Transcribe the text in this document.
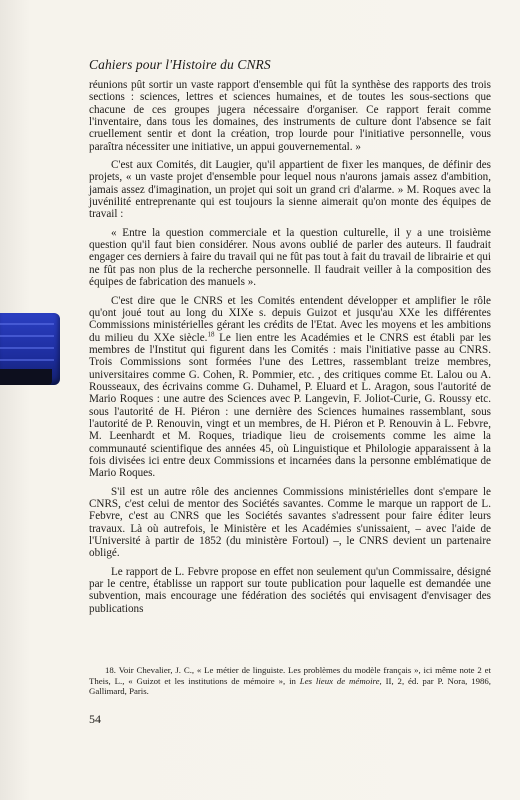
Cahiers pour l'Histoire du CNRS

réunions pût sortir un vaste rapport d'ensemble qui fût la synthèse des rapports des trois sections : sciences, lettres et sciences humaines, et de toutes les sous-sections que chacune de ces groupes jugera nécessaire d'organiser. Ce rapport ferait comme l'inventaire, dans tous les domaines, des instruments de culture dont l'absence se fait cruellement sentir et dont la création, trop lourde pour l'initiative personnelle, vous paraîtra nécessiter une initiative, un appui gouvernemental. »

C'est aux Comités, dit Laugier, qu'il appartient de fixer les manques, de définir des projets, « un vaste projet d'ensemble pour lequel nous n'aurons jamais assez d'ambition, jamais assez d'imagination, un projet qui soit un grand cri d'alarme. » M. Roques avec la juvénilité entreprenante qui est toujours la sienne aimerait qu'on monte des équipes de travail :

« Entre la question commerciale et la question culturelle, il y a une troisième question qu'il faut bien considérer. Nous avons oublié de parler des auteurs. Il faudrait engager ces derniers à faire du travail qui ne fût pas tout à fait du travail de librairie et qui ne fût pas non plus de la recherche personnelle. Il faudrait veiller à la composition des équipes de fabrication des manuels ».

C'est dire que le CNRS et les Comités entendent développer et amplifier le rôle qu'ont joué tout au long du XIXe s. depuis Guizot et jusqu'au XXe les différentes Commissions ministérielles gérant les crédits de l'Etat. Avec les moyens et les ambitions du milieu du XXe siècle.$^{18}$ Le lien entre les Académies et le CNRS est établi par les membres de l'Institut qui figurent dans les Comités : mais l'initiative passe au CNRS. Trois Commissions sont formées l'une des Lettres, rassemblant treize membres, universitaires comme G. Cohen, R. Pommier, etc. , des critiques comme Et. Lalou ou A. Rousseaux, des écrivains comme G. Duhamel, P. Eluard et L. Aragon, sous l'autorité de Mario Roques : une autre des Sciences avec P. Langevin, F. Joliot-Curie, G. Roussy etc. sous l'autorité de H. Piéron : une dernière des Sciences humaines rassemblant, sous l'autorité de P. Renouvin, vingt et un membres, de H. Piéron et P. Renouvin à L. Febvre, M. Leenhardt et M. Roques, triadique lieu de croisements comme les aime la communauté scientifique des années 45, où Linguistique et Philologie apparaissent à la fois divisées ici entre deux Commissions et incarnées dans la personne emblématique de Mario Roques.

S'il est un autre rôle des anciennes Commissions ministérielles dont s'empare le CNRS, c'est celui de mentor des Sociétés savantes. Comme le marque un rapport de L. Febvre, c'est au CNRS que les Sociétés savantes s'adressent pour faire éditer leurs travaux. Là où autrefois, le Ministère et les Académies s'unissaient, – avec l'aide de l'Université à partir de 1852 (du ministère Fortoul) –, le CNRS devient un partenaire obligé.

Le rapport de L. Febvre propose en effet non seulement qu'un Commissaire, désigné par le centre, établisse un rapport sur toute publication pour laquelle est demandée une subvention, mais encourage une fédération des sociétés qui envisagent d'envisager des publications

18. Voir Chevalier, J. C., « Le métier de linguiste. Les problèmes du modèle français », ici même note 2 et Theis, L., « Guizot et les institutions de mémoire », in Les lieux de mémoire, II, 2, éd. par P. Nora, 1986, Gallimard, Paris.

54
